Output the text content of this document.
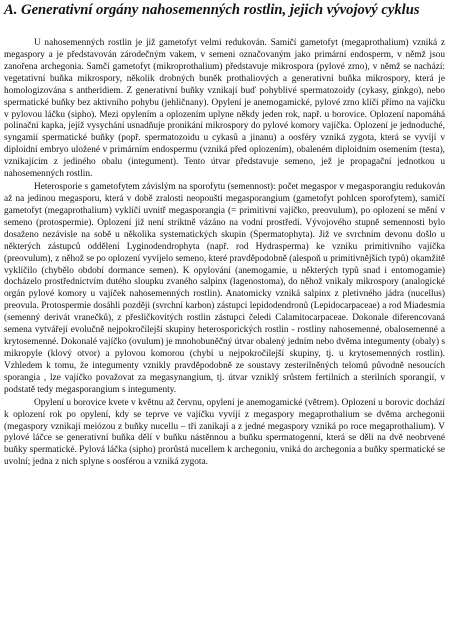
A. Generativní orgány nahosemenných rostlin, jejich vývojový cyklus

U nahosemenných rostlin je již gametofyt velmi redukován. Samičí gametofyt (megaprothalium) vzniká z megaspory a je představován zárodečným vakem, v semeni označovaným jako primární endosperm, v němž jsou zanořena archegonia. Samčí gametofyt (mikroprothalium) představuje mikrospora (pylové zrno), v němž se nachází: vegetativní buňka mikrospory, několik drobných buněk prothaliových a generativní buňka mikrospory, která je homologizována s antheridiem. Z generativní buňky vznikají buď pohyblivé spermatozoidy (cykasy, ginkgo), nebo spermatické buňky bez aktivního pohybu (jehličnany). Opylení je anemogamické, pylové zrno klíčí přímo na vajíčku v pylovou láčku (sipho). Mezi opylením a oplozením uplyne někdy jeden rok, např. u borovice. Oplození napomáhá polinační kapka, jejíž vysychání usnadňuje pronikání mikrospory do pylové komory vajíčka. Oplození je jednoduché, syngamií spermatické buňky (popř. spermatozoidu u cykasů a jinanu) a oosféry vzniká zygota, která se vyvíjí v diploidní embryo uložené v primárním endospermu (vzniká před oplozením), obaleném diploidním osemením (testa), vznikajícím z jediného obalu (integument). Tento útvar představuje semeno, jež je propagační jednotkou u nahosemenných rostlin.

Heterosporie s gametofytem závislým na sporofytu (semennost): počet megaspor v megasporangiu redukován až na jedinou megasporu, která v době zralosti neopouští megasporangium (gametofyt pohlcen sporofytem), samičí gametofyt (megaprothalium) vyklíčí uvnitř megasporangia (= primitivní vajíčko, preovulum), po oplození se mění v semeno (protospermie). Oplození již není striktně vázáno na vodní prostředí. Vývojového stupně semennosti bylo dosaženo nezávisle na sobě u několika systematických skupin (Spermatophyta). Již ve svrchním devonu došlo u některých zástupců oddělení Lyginodendrophyta (např. rod Hydrasperma) ke vzniku primitivního vajíčka (preovulum), z něhož se po oplození vyvíjelo semeno, které pravděpodobně (alespoň u primitivnějších typů) okamžitě vyklíčilo (chybělo období dormance semen). K opylování (anemogamie, u některých typů snad i entomogamie) docházelo prostřednictvím dutého sloupku zvaného salpinx (lagenostoma), do něhož vnikaly mikrospory (analogické orgán pylové komory u vajíček nahosemenných rostlin). Anatomicky vzniká salpinx z pletivného jádra (nucellus) preovula. Protospermie dosáhli později (svrchní karbon) zástupci lepidodendronů (Lepidocarpaceae) a rod Miadesmia (semenný derivát vranečků), z přesličkovitých rostlin zástupci čeledi Calamitocarpaceae. Dokonale diferencovaná semena vytvářejí evolučně nejpokročilejší skupiny heterosporických rostlin - rostliny nahosemenné, obalosemenné a krytosemenné. Dokonalé vajíčko (ovulum) je mnohobuněčný útvar obalený jedním nebo dvěma integumenty (obaly) s mikropyle (klový otvor) a pylovou komorou (chybí u nejpokročilejší skupiny, tj. u krytosemenných rostlin). Vzhledem k tomu, že integumenty vznikly pravděpodobně ze soustavy zesterilněných telomů původně nesoucích sporangia , lze vajíčko považovat za megasynangium, tj. útvar vzniklý srůstem fertilních a sterilních sporangií, v podstatě tedy megasporangium s integumenty.

Opylení u borovice kvete v květnu až červnu, opylení je anemogamické (větrem). Oplození u borovic dochází k oplození rok po opylení, kdy se teprve ve vajíčku vyvíjí z megaspory megaprothalium se dvěma archegonii (megaspory vznikají meiózou z buňky nucellu – tři zanikají a z jedné megaspory vzniká po roce megaprothalium). V pylové láčce se generativní buňka dělí v buňku nástěnnou a buňku spermatogenní, která se dělí na dvě neobrvené buňky spermatické. Pylová láčka (sipho) prorůstá nucellem k archegoniu, vniká do archegonia a buňky spermatické se uvolní; jedna z nich splyne s oosférou a vzniká zygota.
